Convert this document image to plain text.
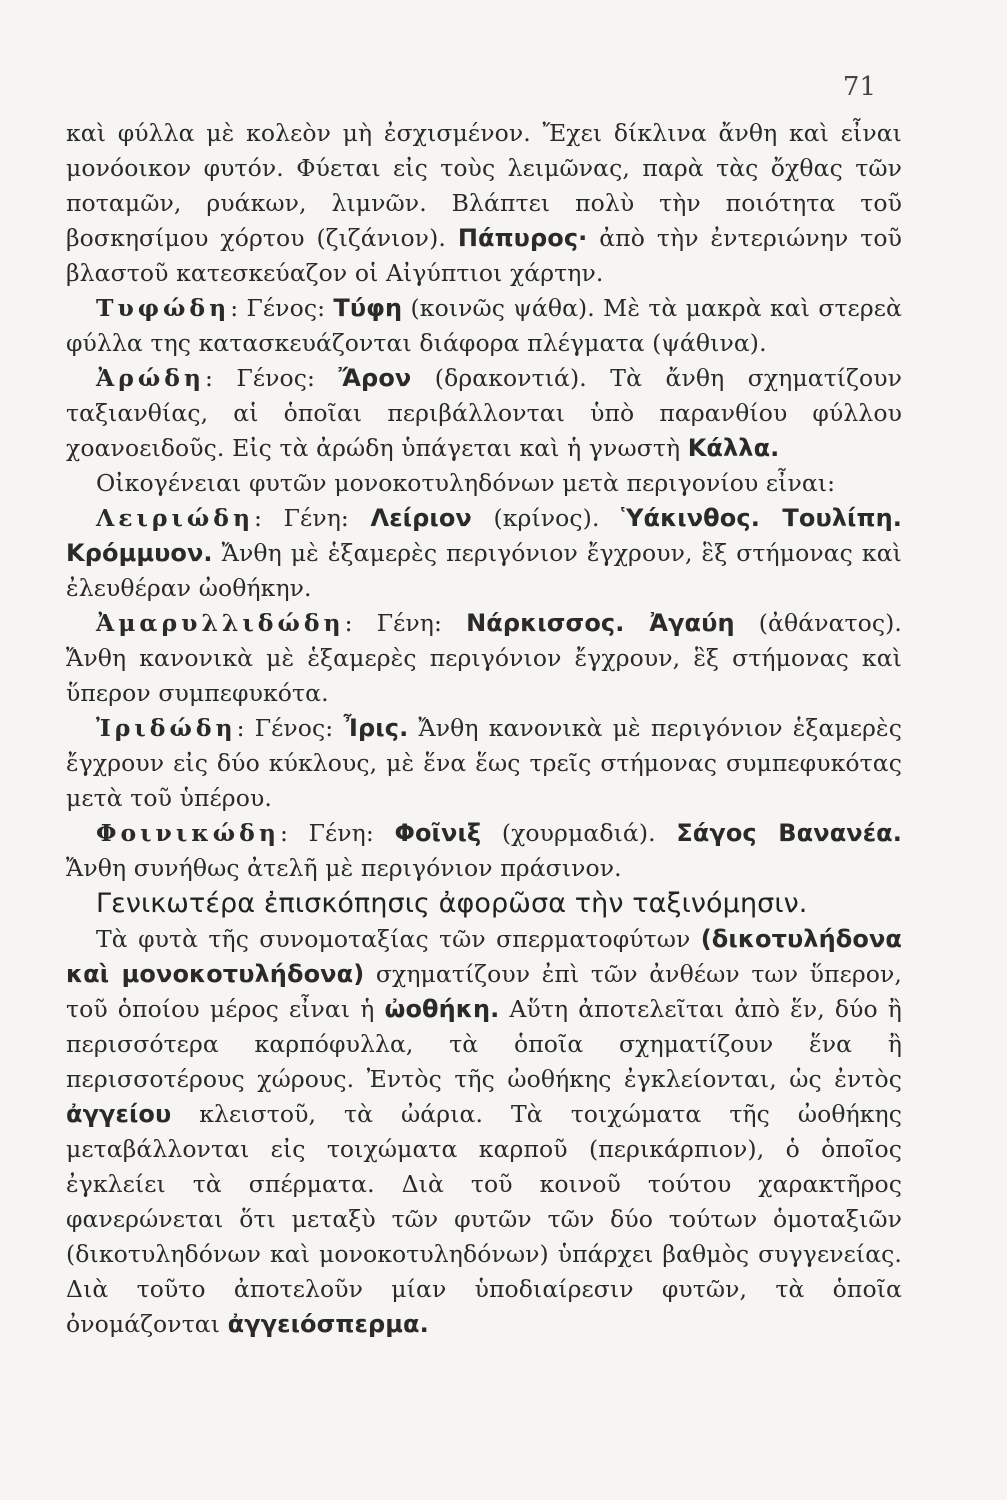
71

καὶ φύλλα μὲ κολεὸν μὴ ἐσχισμένον. Ἔχει δίκλινα ἄνθη καὶ εἶναι μονόοικον φυτόν. Φύεται εἰς τοὺς λειμῶνας, παρὰ τὰς ὄχθας τῶν ποταμῶν, ρυάκων, λιμνῶν. Βλάπτει πολὺ τὴν ποιότητα τοῦ βοσκησίμου χόρτου (ζιζάνιον). Πάπυρος· ἀπὸ τὴν ἐντεριώνην τοῦ βλαστοῦ κατεσκεύαζον οἱ Αἰγύπτιοι χάρτην.

Τυφώδη: Γένος: Τύφη (κοινῶς ψάθα). Μὲ τὰ μακρὰ καὶ στερεὰ φύλλα της κατασκευάζονται διάφορα πλέγματα (ψάθινα).

Ἀρώδη: Γένος: Ἄρον (δρακοντιά). Τὰ ἄνθη σχηματίζουν ταξιανθίας, αἱ ὁποῖαι περιβάλλονται ὑπὸ παρανθίου φύλλου χοανοειδοῦς. Εἰς τὰ ἀρώδη ὑπάγεται καὶ ἡ γνωστὴ Κάλλα.

Οἰκογένειαι φυτῶν μονοκοτυληδόνων μετὰ περιγονίου εἶναι:

Λειριώδη: Γένη: Λείριον (κρίνος). Ὑάκινθος. Τουλίπη. Κρόμμυον. Ἄνθη μὲ ἑξαμερὲς περιγόνιον ἔγχρουν, ἓξ στήμονας καὶ ἐλευθέραν ὠοθήκην.

Ἀμαρυλλιδώδη: Γένη: Νάρκισσος. Ἀγαύη (ἀθάνατος). Ἄνθη κανονικὰ μὲ ἑξαμερὲς περιγόνιον ἔγχρουν, ἓξ στήμονας καὶ ὕπερον συμπεφυκότα.

Ἰριδώδη: Γένος: Ἶρις. Ἄνθη κανονικὰ μὲ περιγόνιον ἑξαμερὲς ἔγχρουν εἰς δύο κύκλους, μὲ ἕνα ἕως τρεῖς στήμονας συμπεφυκότας μετὰ τοῦ ὑπέρου.

Φοινικώδη: Γένη: Φοῖνιξ (χουρμαδιά). Σάγος Βανανέα. Ἄνθη συνήθως ἀτελῆ μὲ περιγόνιον πράσινον.

Γενικωτέρα ἐπισκόπησις ἀφορῶσα τὴν ταξινόμησιν.

Τὰ φυτὰ τῆς συνομοταξίας τῶν σπερματοφύτων (δικοτυλήδονα καὶ μονοκοτυλήδονα) σχηματίζουν ἐπὶ τῶν ἀνθέων των ὕπερον, τοῦ ὁποίου μέρος εἶναι ἡ ὠοθήκη. Αὕτη ἀποτελεῖται ἀπὸ ἕν, δύο ἢ περισσότερα καρπόφυλλα, τὰ ὁποῖα σχηματίζουν ἕνα ἢ περισσοτέρους χώρους. Ἐντὸς τῆς ὠοθήκης ἐγκλείονται, ὡς ἐντὸς ἀγγείου κλειστοῦ, τὰ ὠάρια. Τὰ τοιχώματα τῆς ὠοθήκης μεταβάλλονται εἰς τοιχώματα καρποῦ (περικάρπιον), ὁ ὁποῖος ἐγκλείει τὰ σπέρματα. Διὰ τοῦ κοινοῦ τούτου χαρακτῆρος φανερώνεται ὅτι μεταξὺ τῶν φυτῶν τῶν δύο τούτων ὁμοταξιῶν (δικοτυληδόνων καὶ μονοκοτυληδόνων) ὑπάρχει βαθμὸς συγγενείας. Διὰ τοῦτο ἀποτελοῦν μίαν ὑποδιαίρεσιν φυτῶν, τὰ ὁποῖα ὀνομάζονται ἀγγειόσπερμα.
